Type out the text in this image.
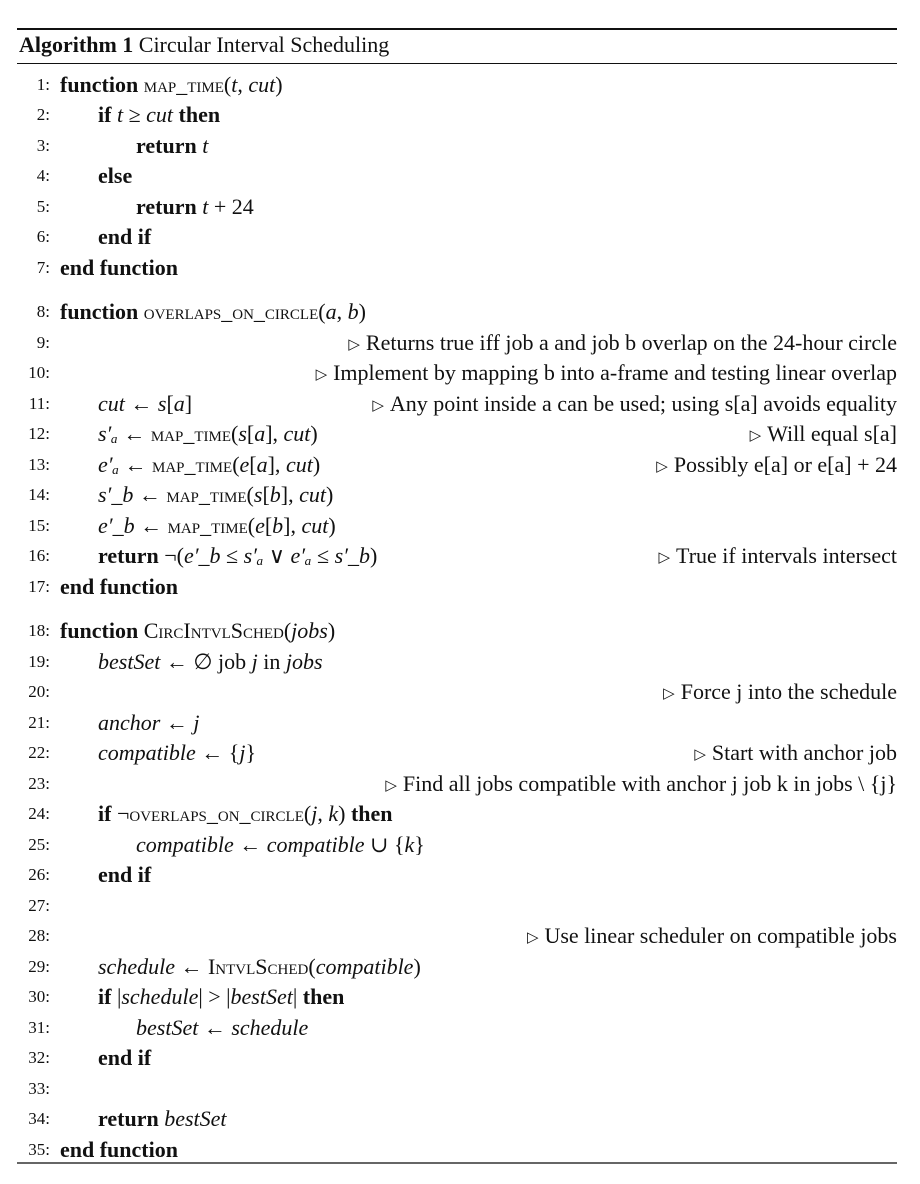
Algorithm 1 Circular Interval Scheduling
1: function map_time(t, cut)
2: if t ≥ cut then
3:	return t
4: else
5:	return t + 24
6: end if
7: end function
8: function overlaps_on_circle(a, b)
9:	▷ Returns true iff job a and job b overlap on the 24-hour circle
10:	▷ Implement by mapping b into a-frame and testing linear overlap
11: cut ← s[a]	▷ Any point inside a can be used; using s[a] avoids equality
12: s′ₐ ← map_time(s[a], cut)	▷ Will equal s[a]
13: e′ₐ ← map_time(e[a], cut)	▷ Possibly e[a] or e[a] + 24
14: s′_b ← map_time(s[b], cut)
15: e′_b ← map_time(e[b], cut)
16: return ¬(e′_b ≤ s′ₐ ∨ e′ₐ ≤ s′_b)	▷ True if intervals intersect
17: end function
18: function CircIntvlSched(jobs)
19: bestSet ← ∅ job j in jobs
20:	▷ Force j into the schedule
21: anchor ← j
22: compatible ← {j}	▷ Start with anchor job
23:	▷ Find all jobs compatible with anchor j job k in jobs \ {j}
24: if ¬overlaps_on_circle(j, k) then
25:	compatible ← compatible ∪ {k}
26: end if
27:
28:	▷ Use linear scheduler on compatible jobs
29: schedule ← IntvlSched(compatible)
30: if |schedule| > |bestSet| then
31:	bestSet ← schedule
32: end if
33:
34: return bestSet
35: end function
